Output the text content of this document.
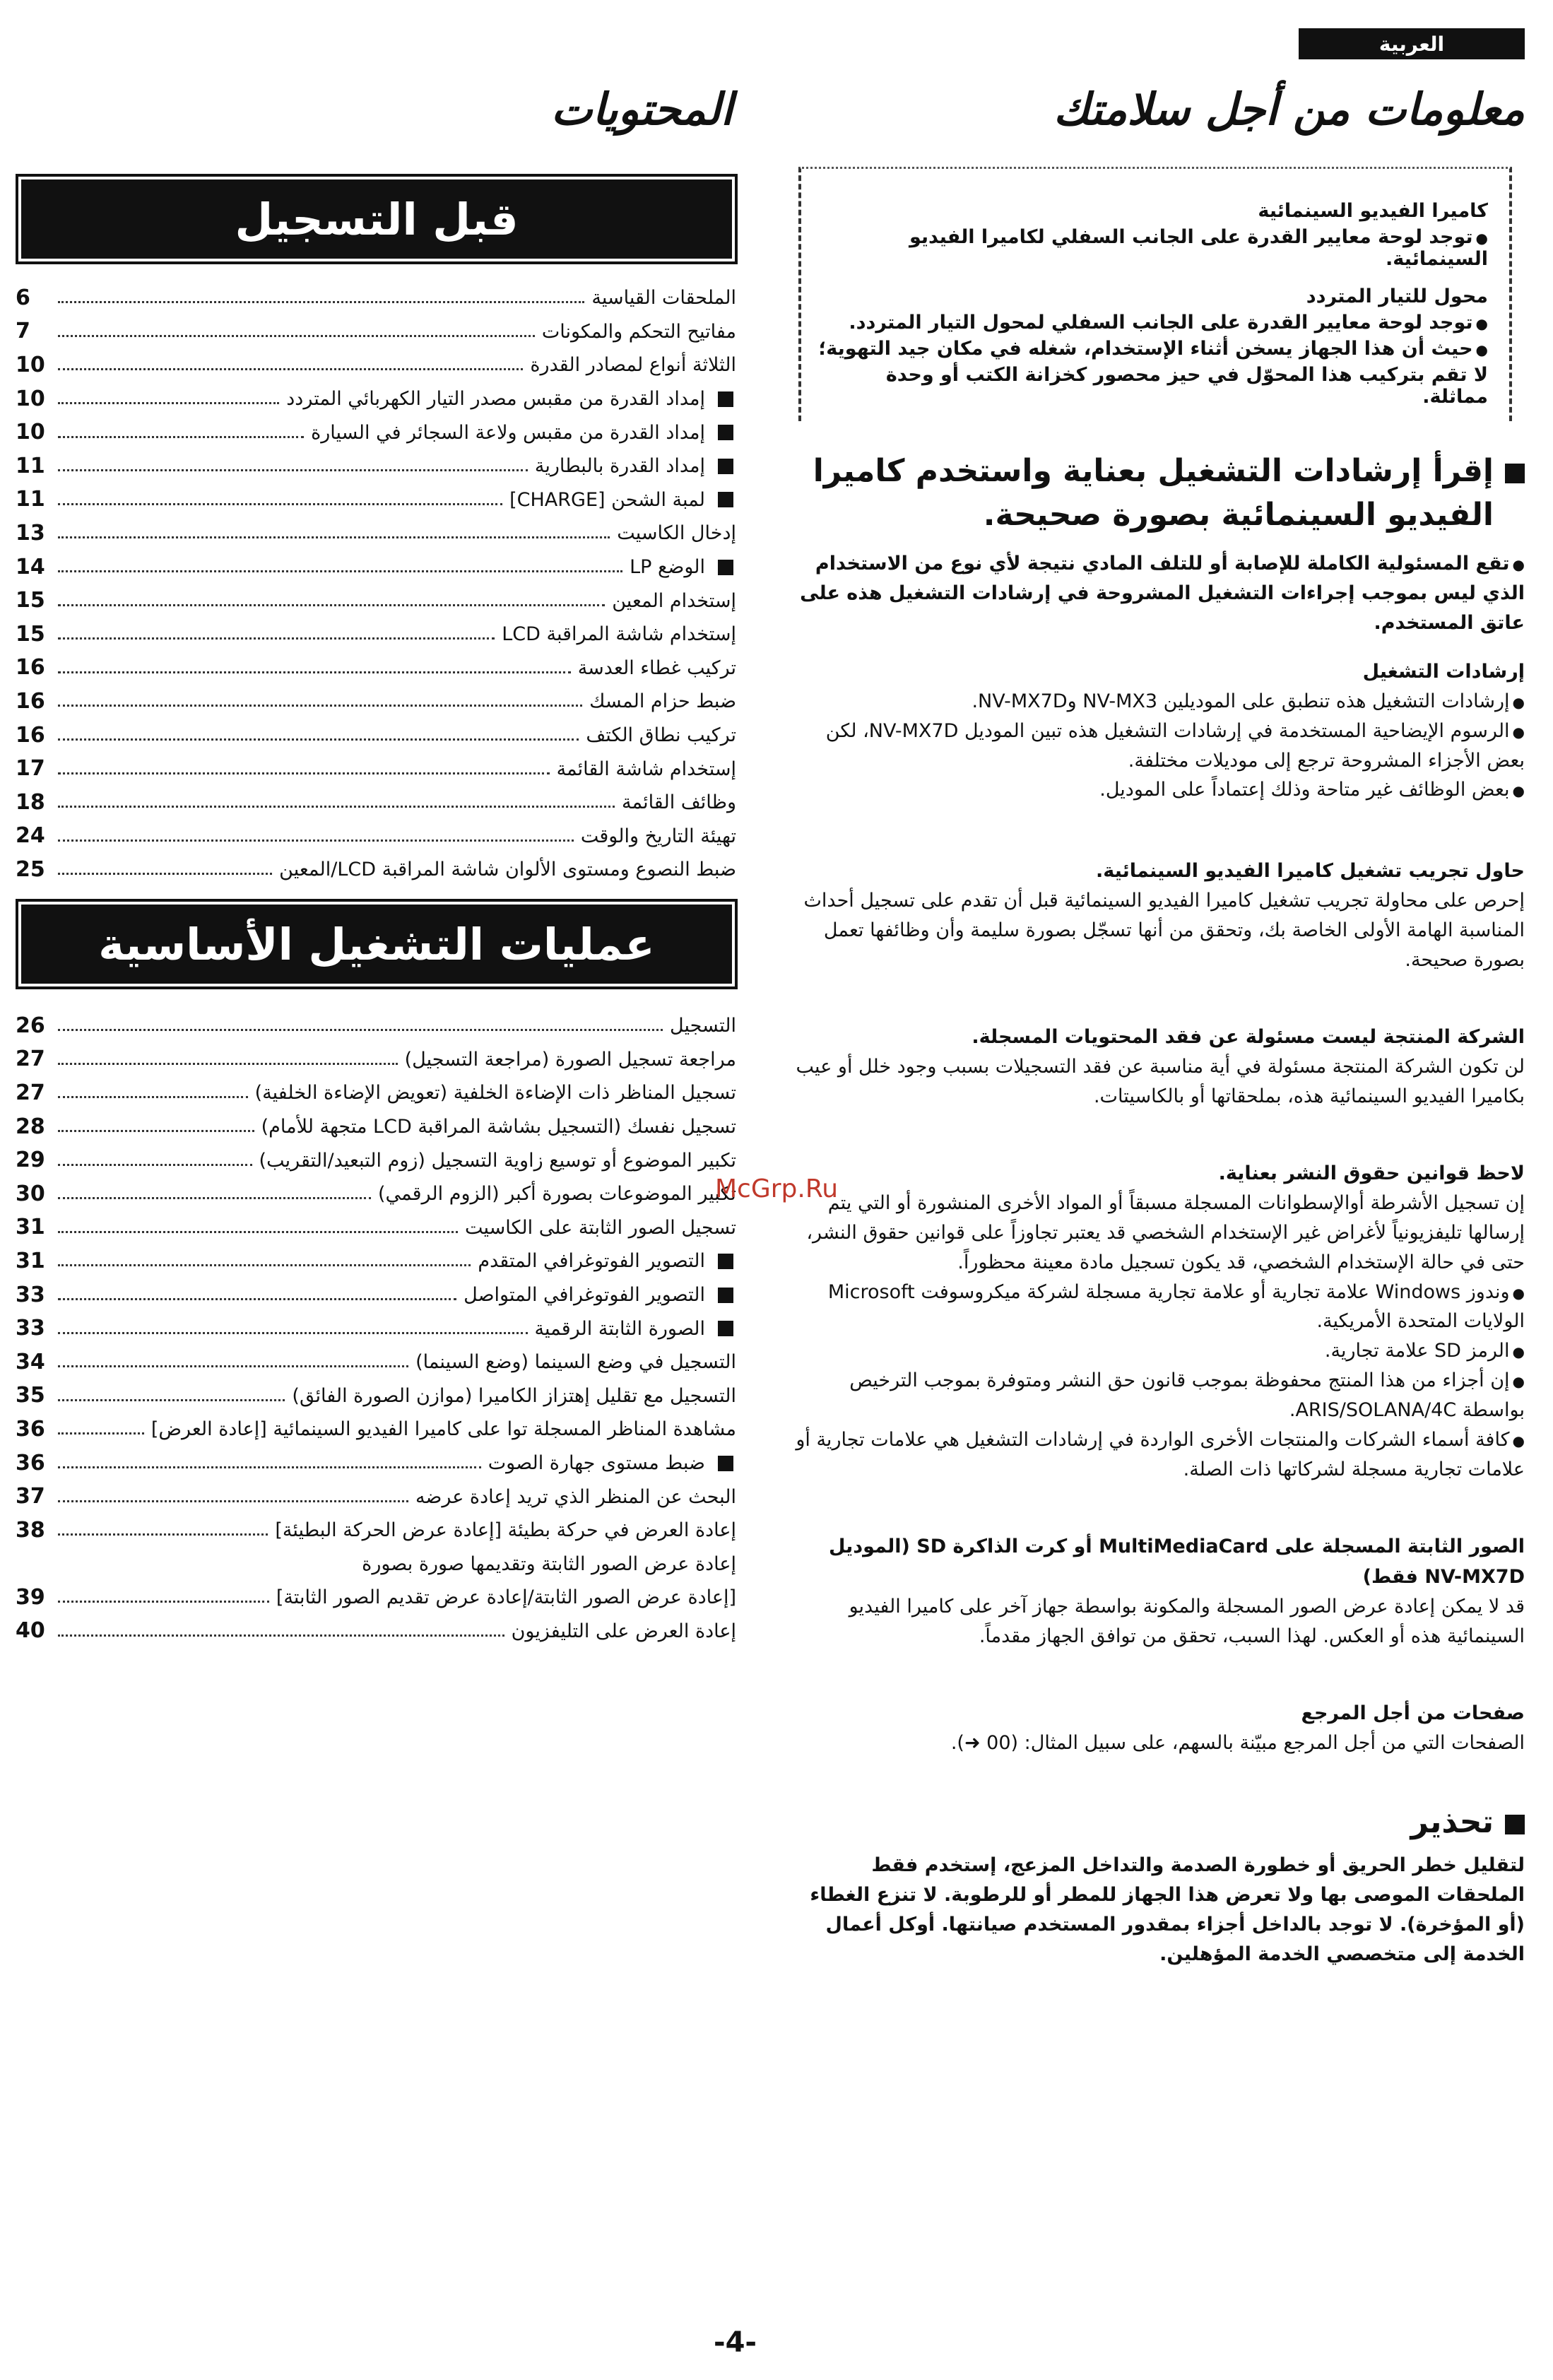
العربية
معلومات من أجل سلامتك
المحتويات
قبل التسجيل
الملحقات القياسية
6
مفاتيح التحكم والمكونات
7
الثلاثة أنواع لمصادر القدرة
10
إمداد القدرة من مقبس مصدر التيار الكهربائي المتردد
10
إمداد القدرة من مقبس ولاعة السجائر في السيارة
10
إمداد القدرة بالبطارية
11
لمبة الشحن [CHARGE]
11
إدخال الكاسيت
13
الوضع LP
14
إستخدام المعين
15
إستخدام شاشة المراقبة LCD
15
تركيب غطاء العدسة
16
ضبط حزام المسك
16
تركيب نطاق الكتف
16
إستخدام شاشة القائمة
17
وظائف القائمة
18
تهيئة التاريخ والوقت
24
ضبط النصوع ومستوى الألوان شاشة المراقبة LCD/المعين
25
عمليات التشغيل الأساسية
التسجيل
26
مراجعة تسجيل الصورة (مراجعة التسجيل)
27
تسجيل المناظر ذات الإضاءة الخلفية (تعويض الإضاءة الخلفية)
27
تسجيل نفسك (التسجيل بشاشة المراقبة LCD متجهة للأمام)
28
تكبير الموضوع أو توسيع زاوية التسجيل (زوم التبعيد/التقريب)
29
تكبير الموضوعات بصورة أكبر (الزوم الرقمي)
30
تسجيل الصور الثابتة على الكاسيت
31
التصوير الفوتوغرافي المتقدم
31
التصوير الفوتوغرافي المتواصل
33
الصورة الثابتة الرقمية
33
التسجيل في وضع السينما (وضع السينما)
34
التسجيل مع تقليل إهتزاز الكاميرا (موازن الصورة الفائق)
35
مشاهدة المناظر المسجلة توا على كاميرا الفيديو السينمائية [إعادة العرض]
36
ضبط مستوى جهارة الصوت
36
البحث عن المنظر الذي تريد إعادة عرضه
37
إعادة العرض في حركة بطيئة [إعادة عرض الحركة البطيئة]
38
إعادة عرض الصور الثابتة وتقديمها صورة بصورة
[إعادة عرض الصور الثابتة/إعادة عرض تقديم الصور الثابتة]
39
إعادة العرض على التليفزيون
40
كاميرا الفيديو السينمائية
● توجد لوحة معايير القدرة على الجانب السفلي لكاميرا الفيديو السينمائية.
محول للتيار المتردد
● توجد لوحة معايير القدرة على الجانب السفلي لمحول التيار المتردد.
● حيث أن هذا الجهاز يسخن أثناء الإستخدام، شغله في مكان جيد التهوية؛
لا تقم بتركيب هذا المحوّل في حيز محصور كخزانة الكتب أو وحدة مماثلة.
إقرأ إرشادات التشغيل بعناية واستخدم كاميرا الفيديو السينمائية بصورة صحيحة.
● تقع المسئولية الكاملة للإصابة أو للتلف المادي نتيجة لأي نوع من الاستخدام الذي ليس بموجب إجراءات التشغيل المشروحة في إرشادات التشغيل هذه على عاتق المستخدم.
إرشادات التشغيل
● إرشادات التشغيل هذه تنطبق على الموديلين NV-MX3 وNV-MX7D.
● الرسوم الإيضاحية المستخدمة في إرشادات التشغيل هذه تبين الموديل NV-MX7D، لكن بعض الأجزاء المشروحة ترجع إلى موديلات مختلفة.
● بعض الوظائف غير متاحة وذلك إعتماداً على الموديل.
حاول تجريب تشغيل كاميرا الفيديو السينمائية.
إحرص على محاولة تجريب تشغيل كاميرا الفيديو السينمائية قبل أن تقدم على تسجيل أحداث المناسبة الهامة الأولى الخاصة بك، وتحقق من أنها تسجّل بصورة سليمة وأن وظائفها تعمل بصورة صحيحة.
الشركة المنتجة ليست مسئولة عن فقد المحتويات المسجلة.
لن تكون الشركة المنتجة مسئولة في أية مناسبة عن فقد التسجيلات بسبب وجود خلل أو عيب بكاميرا الفيديو السينمائية هذه، بملحقاتها أو بالكاسيتات.
لاحظ قوانين حقوق النشر بعناية.
إن تسجيل الأشرطة أوالإسطوانات المسجلة مسبقاً أو المواد الأخرى المنشورة أو التي يتم إرسالها تليفزيونياً لأغراض غير الإستخدام الشخصي قد يعتبر تجاوزاً على قوانين حقوق النشر، حتى في حالة الإستخدام الشخصي، قد يكون تسجيل مادة معينة محظوراً.
● وندوز Windows علامة تجارية أو علامة تجارية مسجلة لشركة ميكروسوفت Microsoft الولايات المتحدة الأمريكية.
● الرمز SD علامة تجارية.
● إن أجزاء من هذا المنتج محفوظة بموجب قانون حق النشر ومتوفرة بموجب الترخيص بواسطة ARIS/SOLANA/4C.
● كافة أسماء الشركات والمنتجات الأخرى الواردة في إرشادات التشغيل هي علامات تجارية أو علامات تجارية مسجلة لشركاتها ذات الصلة.
الصور الثابتة المسجلة على MultiMediaCard أو كرت الذاكرة SD (الموديل NV-MX7D فقط)
قد لا يمكن إعادة عرض الصور المسجلة والمكونة بواسطة جهاز آخر على كاميرا الفيديو السينمائية هذه أو العكس. لهذا السبب، تحقق من توافق الجهاز مقدماً.
صفحات من أجل المرجع
الصفحات التي من أجل المرجع مبيّنة بالسهم، على سبيل المثال: (00 ➜).
تحذير
لتقليل خطر الحريق أو خطورة الصدمة والتداخل المزعج، إستخدم فقط الملحقات الموصى بها ولا تعرض هذا الجهاز للمطر أو للرطوبة. لا تنزع الغطاء (أو المؤخرة). لا توجد بالداخل أجزاء بمقدور المستخدم صيانتها. أوكل أعمال الخدمة إلى متخصصي الخدمة المؤهلين.
McGrp.Ru
-4-
